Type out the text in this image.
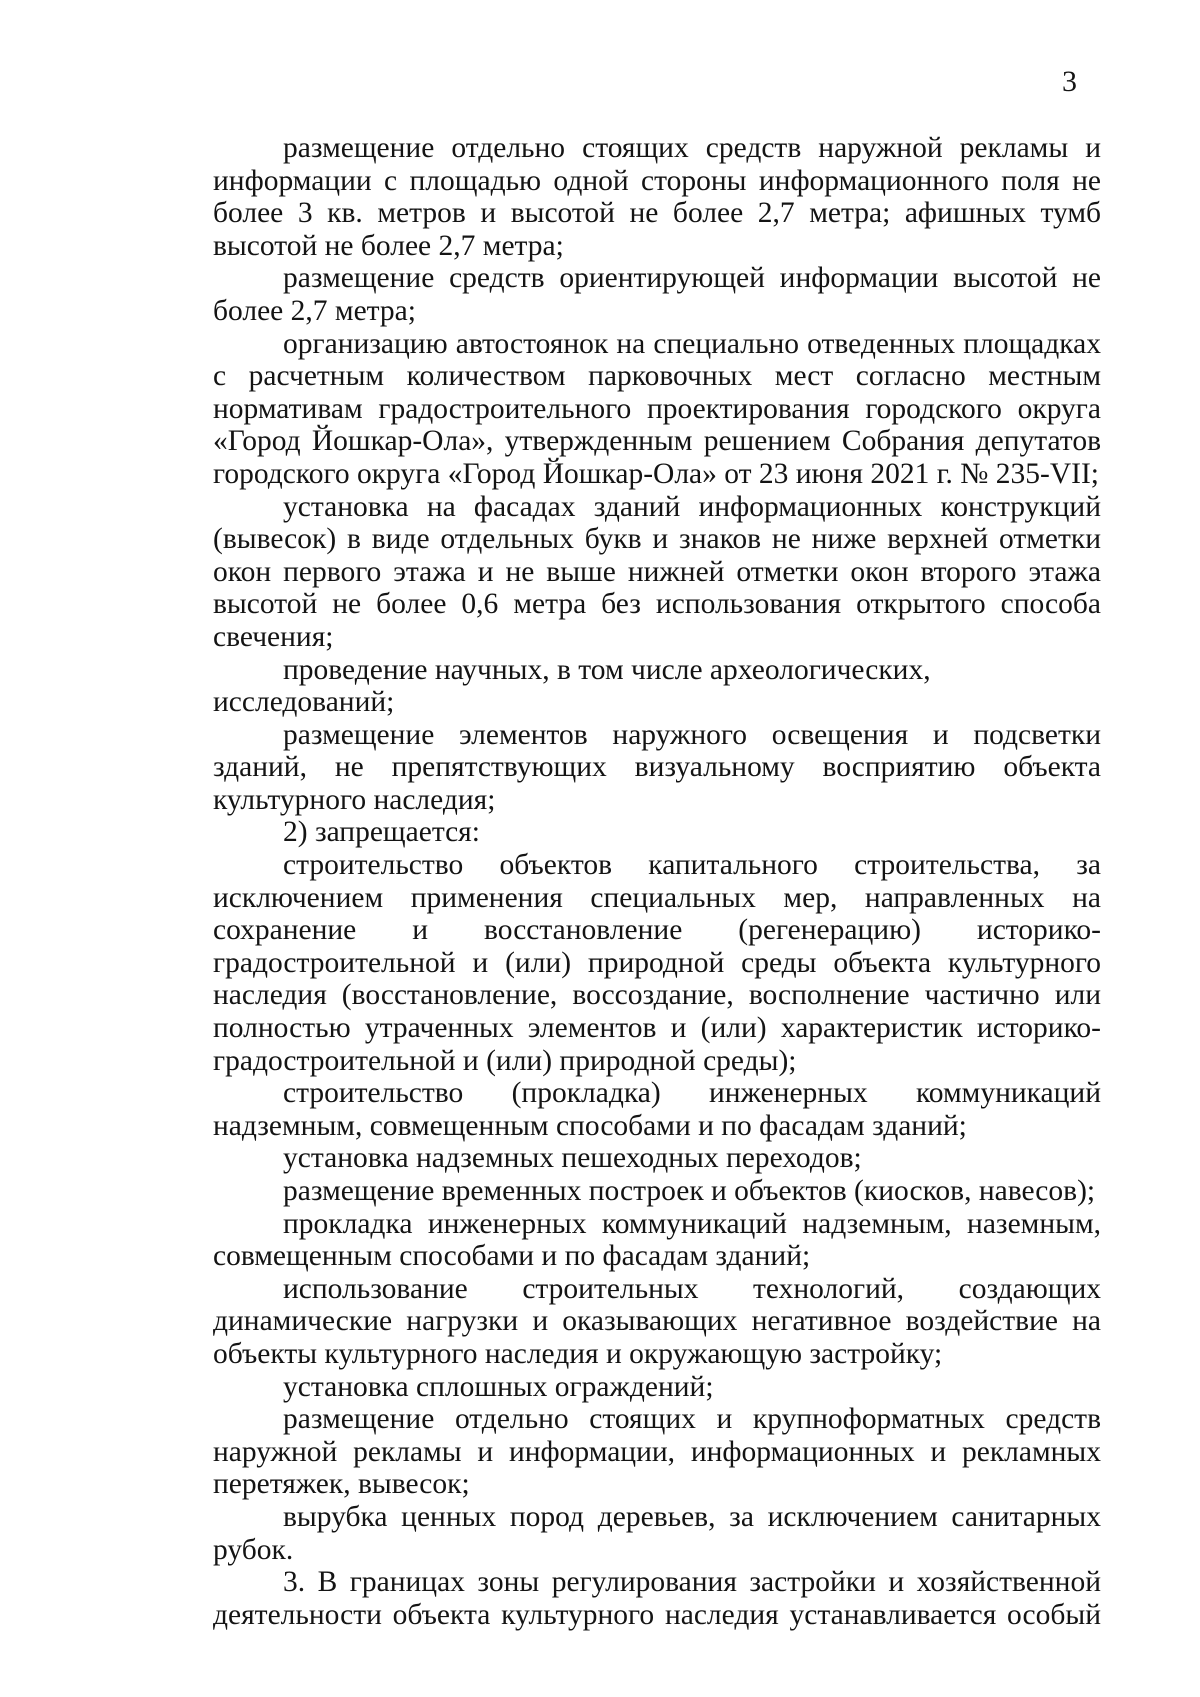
3

размещение отдельно стоящих средств наружной рекламы и информации с площадью одной стороны информационного поля не более 3 кв. метров и высотой не более 2,7 метра; афишных тумб высотой не более 2,7 метра;

размещение средств ориентирующей информации высотой не более 2,7 метра;

организацию автостоянок на специально отведенных площадках с расчетным количеством парковочных мест согласно местным нормативам градостроительного проектирования городского округа «Город Йошкар-Ола», утвержденным решением Собрания депутатов городского округа «Город Йошкар-Ола» от 23 июня 2021 г. № 235-VII;

установка на фасадах зданий информационных конструкций (вывесок) в виде отдельных букв и знаков не ниже верхней отметки окон первого этажа и не выше нижней отметки окон второго этажа высотой не более 0,6 метра без использования открытого способа свечения;

проведение научных, в том числе археологических, исследований;

размещение элементов наружного освещения и подсветки зданий, не препятствующих визуальному восприятию объекта культурного наследия;

2) запрещается:

строительство объектов капитального строительства, за исключением применения специальных мер, направленных на сохранение и восстановление (регенерацию) историко-градостроительной и (или) природной среды объекта культурного наследия (восстановление, воссоздание, восполнение частично или полностью утраченных элементов и (или) характеристик историко-градостроительной и (или) природной среды);

строительство (прокладка) инженерных коммуникаций надземным, совмещенным способами и по фасадам зданий;

установка надземных пешеходных переходов;

размещение временных построек и объектов (киосков, навесов);

прокладка инженерных коммуникаций надземным, наземным, совмещенным способами и по фасадам зданий;

использование строительных технологий, создающих динамические нагрузки и оказывающих негативное воздействие на объекты культурного наследия и окружающую застройку;

установка сплошных ограждений;

размещение отдельно стоящих и крупноформатных средств наружной рекламы и информации, информационных и рекламных перетяжек, вывесок;

вырубка ценных пород деревьев, за исключением санитарных рубок.

3. В границах зоны регулирования застройки и хозяйственной деятельности объекта культурного наследия устанавливается особый
